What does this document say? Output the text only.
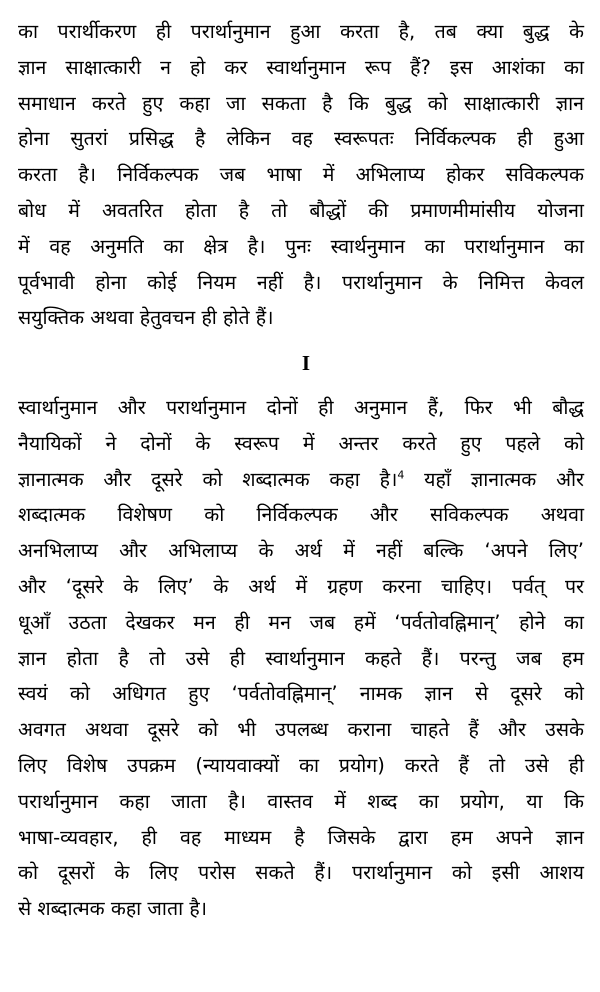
का परार्थीकरण ही परार्थानुमान हुआ करता है, तब क्या बुद्ध के
ज्ञान साक्षात्कारी न हो कर स्वार्थानुमान रूप हैं? इस आशंका का
समाधान करते हुए कहा जा सकता है कि बुद्ध को साक्षात्कारी ज्ञान
होना सुतरां प्रसिद्ध है लेकिन वह स्वरूपतः निर्विकल्पक ही हुआ
करता है। निर्विकल्पक जब भाषा में अभिलाप्य होकर सविकल्पक
बोध में अवतरित होता है तो बौद्धों की प्रमाणमीमांसीय योजना
में वह अनुमति का क्षेत्र है। पुनः स्वार्थनुमान का परार्थानुमान का
पूर्वभावी होना कोई नियम नहीं है। परार्थानुमान के निमित्त केवल
सयुक्तिक अथवा हेतुवचन ही होते हैं।
I
स्वार्थानुमान और परार्थानुमान दोनों ही अनुमान हैं, फिर भी बौद्ध
नैयायिकों ने दोनों के स्वरूप में अन्तर करते हुए पहले को
ज्ञानात्मक और दूसरे को शब्दात्मक कहा है।$^4$ यहाँ ज्ञानात्मक और
शब्दात्मक विशेषण को निर्विकल्पक और सविकल्पक अथवा
अनभिलाप्य और अभिलाप्य के अर्थ में नहीं बल्कि ‘अपने लिए’
और ‘दूसरे के लिए’ के अर्थ में ग्रहण करना चाहिए। पर्वत् पर
धूआँ उठता देखकर मन ही मन जब हमें ‘पर्वतोवह्निमान्’ होने का
ज्ञान होता है तो उसे ही स्वार्थानुमान कहते हैं। परन्तु जब हम
स्वयं को अधिगत हुए ‘पर्वतोवह्निमान्’ नामक ज्ञान से दूसरे को
अवगत अथवा दूसरे को भी उपलब्ध कराना चाहते हैं और उसके
लिए विशेष उपक्रम (न्यायवाक्यों का प्रयोग) करते हैं तो उसे ही
परार्थानुमान कहा जाता है। वास्तव में शब्द का प्रयोग, या कि
भाषा-व्यवहार, ही वह माध्यम है जिसके द्वारा हम अपने ज्ञान
को दूसरों के लिए परोस सकते हैं। परार्थानुमान को इसी आशय
से शब्दात्मक कहा जाता है।
